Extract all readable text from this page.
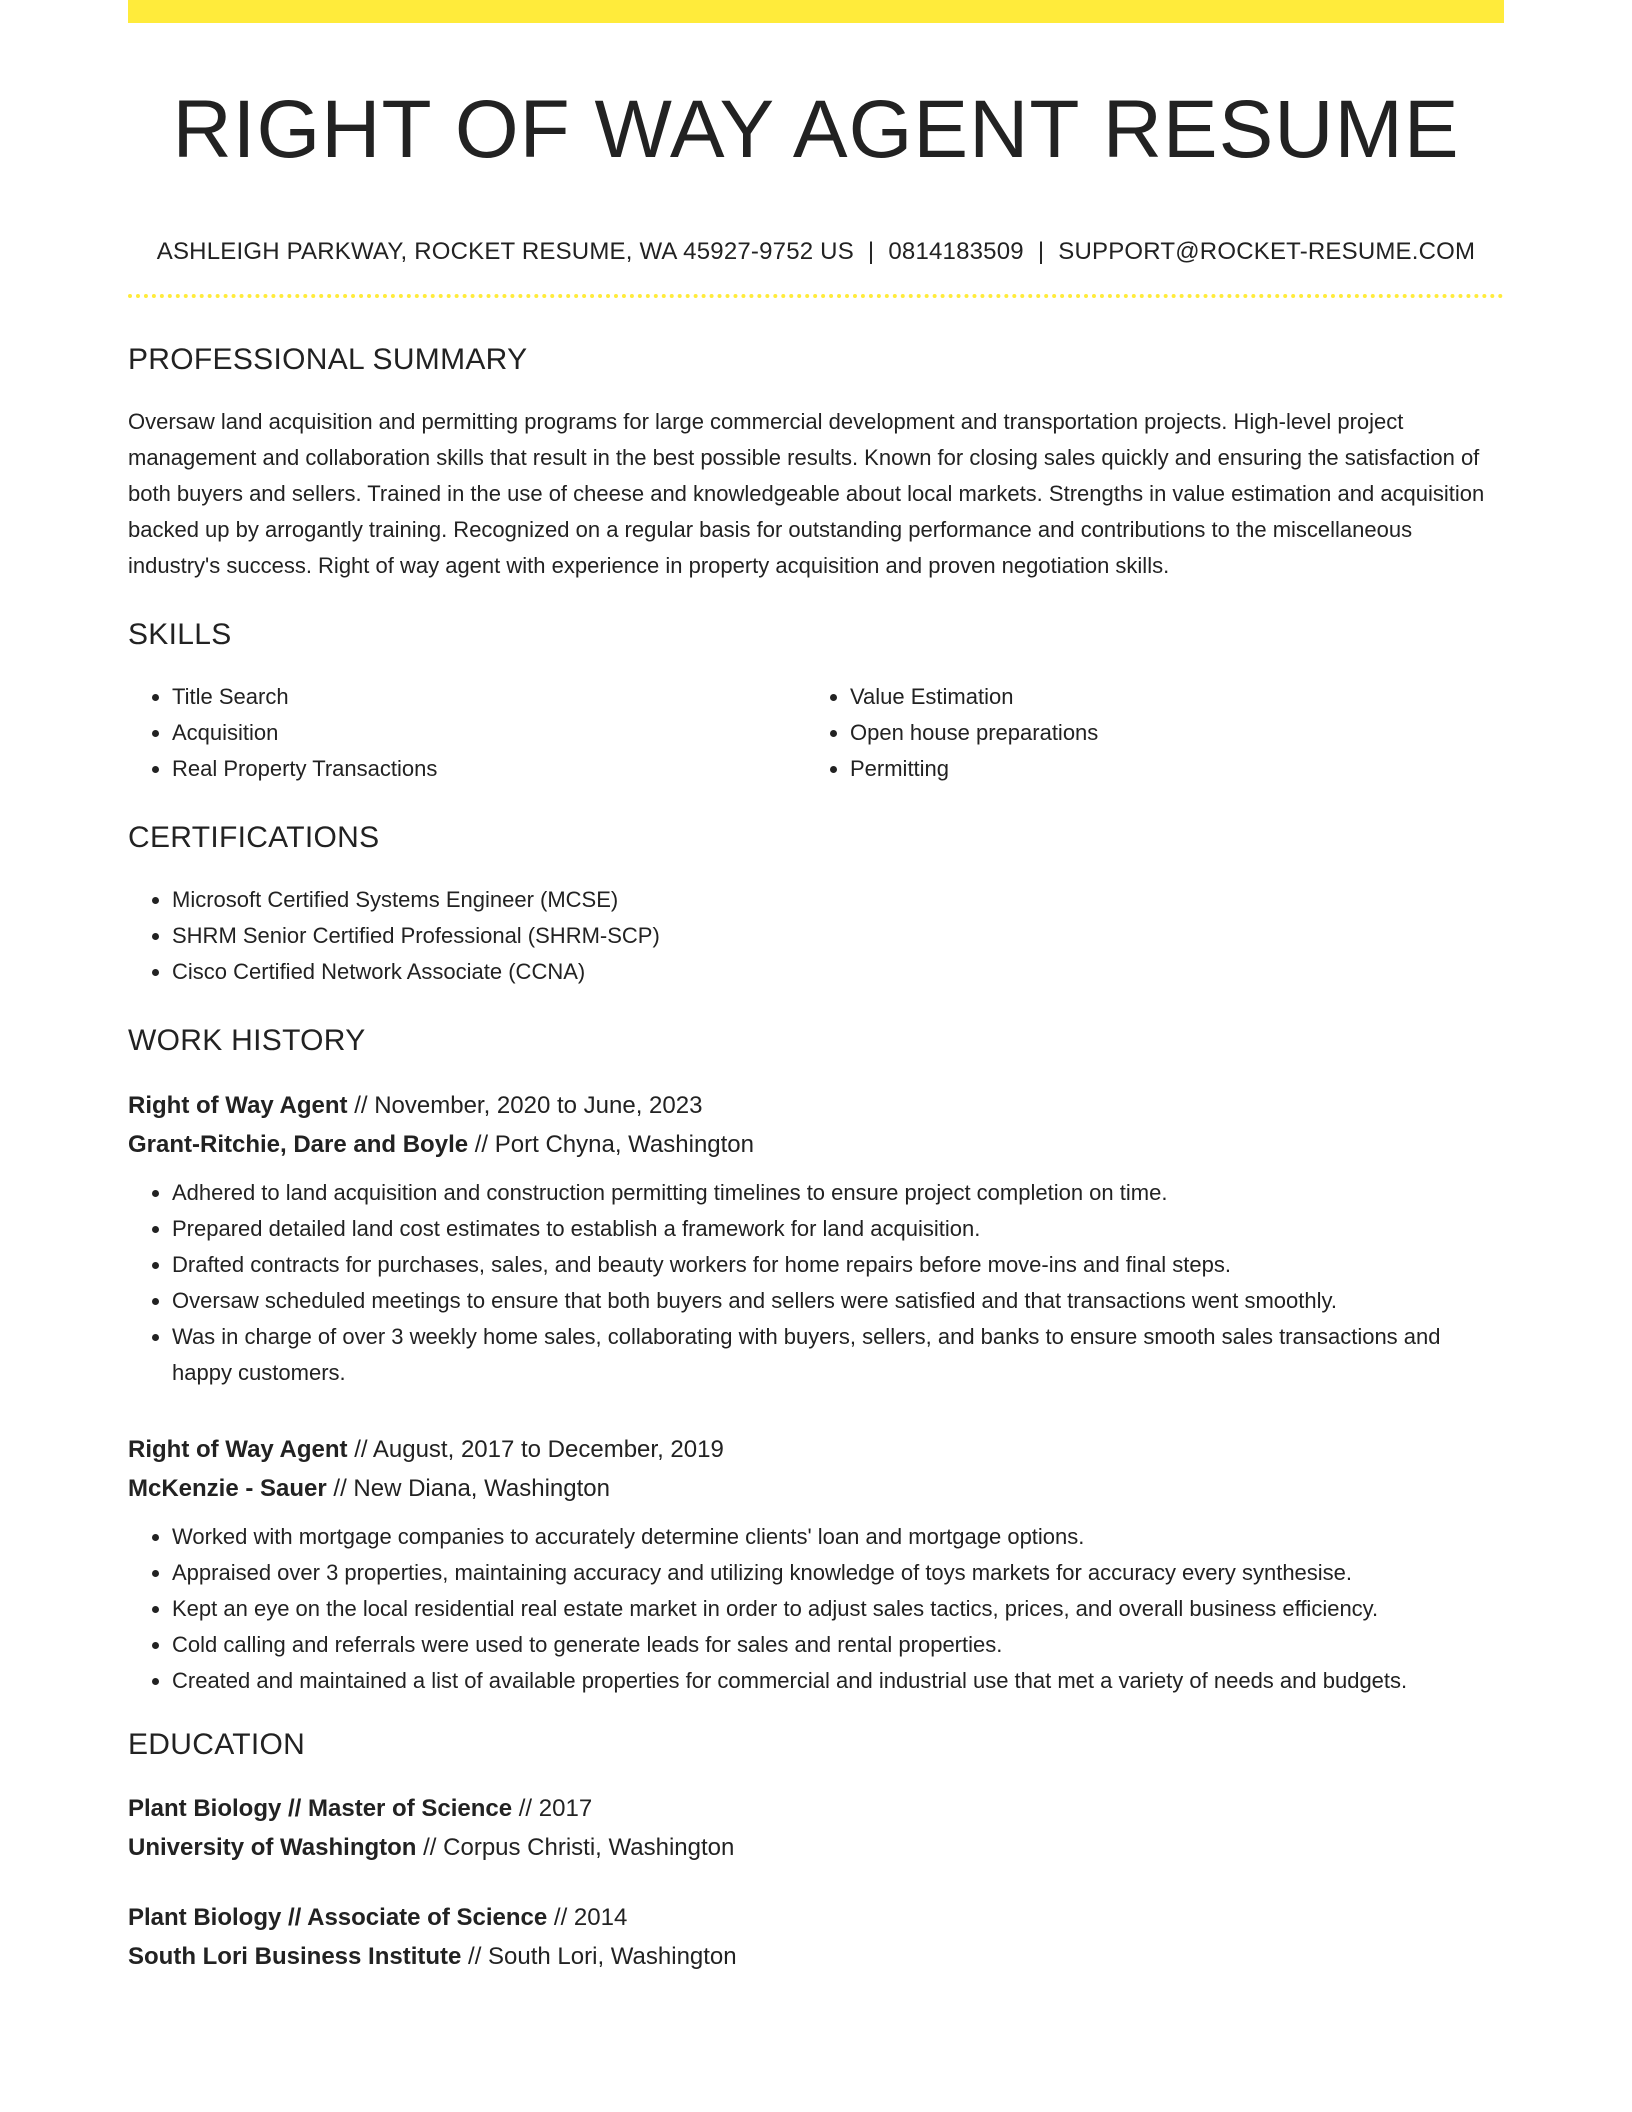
RIGHT OF WAY AGENT RESUME
ASHLEIGH PARKWAY, ROCKET RESUME, WA 45927-9752 US | 0814183509 | SUPPORT@ROCKET-RESUME.COM
PROFESSIONAL SUMMARY

Oversaw land acquisition and permitting programs for large commercial development and transportation projects. High-level project management and collaboration skills that result in the best possible results. Known for closing sales quickly and ensuring the satisfaction of both buyers and sellers. Trained in the use of cheese and knowledgeable about local markets. Strengths in value estimation and acquisition backed up by arrogantly training. Recognized on a regular basis for outstanding performance and contributions to the miscellaneous industry's success. Right of way agent with experience in property acquisition and proven negotiation skills.

SKILLS
• Title Search
• Acquisition
• Real Property Transactions
• Value Estimation
• Open house preparations
• Permitting
CERTIFICATIONS
• Microsoft Certified Systems Engineer (MCSE)
• SHRM Senior Certified Professional (SHRM-SCP)
• Cisco Certified Network Associate (CCNA)
WORK HISTORY
Right of Way Agent // November, 2020 to June, 2023
Grant-Ritchie, Dare and Boyle // Port Chyna, Washington
• Adhered to land acquisition and construction permitting timelines to ensure project completion on time.
• Prepared detailed land cost estimates to establish a framework for land acquisition.
• Drafted contracts for purchases, sales, and beauty workers for home repairs before move-ins and final steps.
• Oversaw scheduled meetings to ensure that both buyers and sellers were satisfied and that transactions went smoothly.
• Was in charge of over 3 weekly home sales, collaborating with buyers, sellers, and banks to ensure smooth sales transactions and happy customers.
Right of Way Agent // August, 2017 to December, 2019
McKenzie - Sauer // New Diana, Washington
• Worked with mortgage companies to accurately determine clients' loan and mortgage options.
• Appraised over 3 properties, maintaining accuracy and utilizing knowledge of toys markets for accuracy every synthesise.
• Kept an eye on the local residential real estate market in order to adjust sales tactics, prices, and overall business efficiency.
• Cold calling and referrals were used to generate leads for sales and rental properties.
• Created and maintained a list of available properties for commercial and industrial use that met a variety of needs and budgets.
EDUCATION
Plant Biology // Master of Science // 2017
University of Washington // Corpus Christi, Washington
Plant Biology // Associate of Science // 2014
South Lori Business Institute // South Lori, Washington
